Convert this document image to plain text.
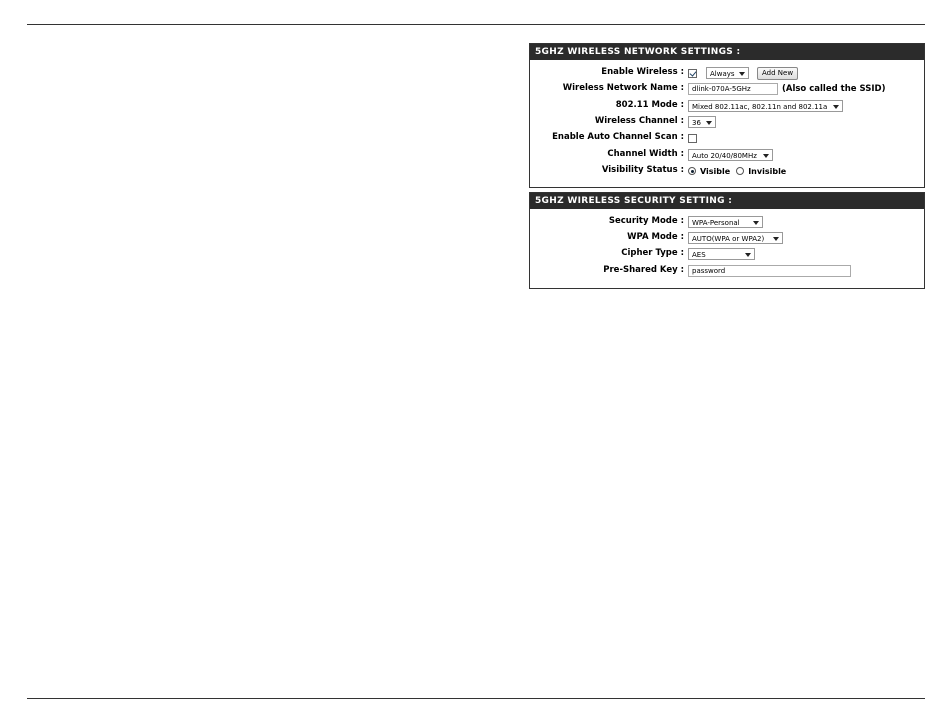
5GHZ WIRELESS NETWORK SETTINGS :
Enable Wireless :	Always	Add New
Wireless Network Name :	dlink-070A-5GHz	(Also called the SSID)
802.11 Mode :	Mixed 802.11ac, 802.11n and 802.11a
Wireless Channel :	36
Enable Auto Channel Scan :
Channel Width :	Auto 20/40/80MHz
Visibility Status : Visible Invisible
5GHZ WIRELESS SECURITY SETTING :
Security Mode :	WPA-Personal
WPA Mode :	AUTO(WPA or WPA2)
Cipher Type :	AES
Pre-Shared Key :	password
